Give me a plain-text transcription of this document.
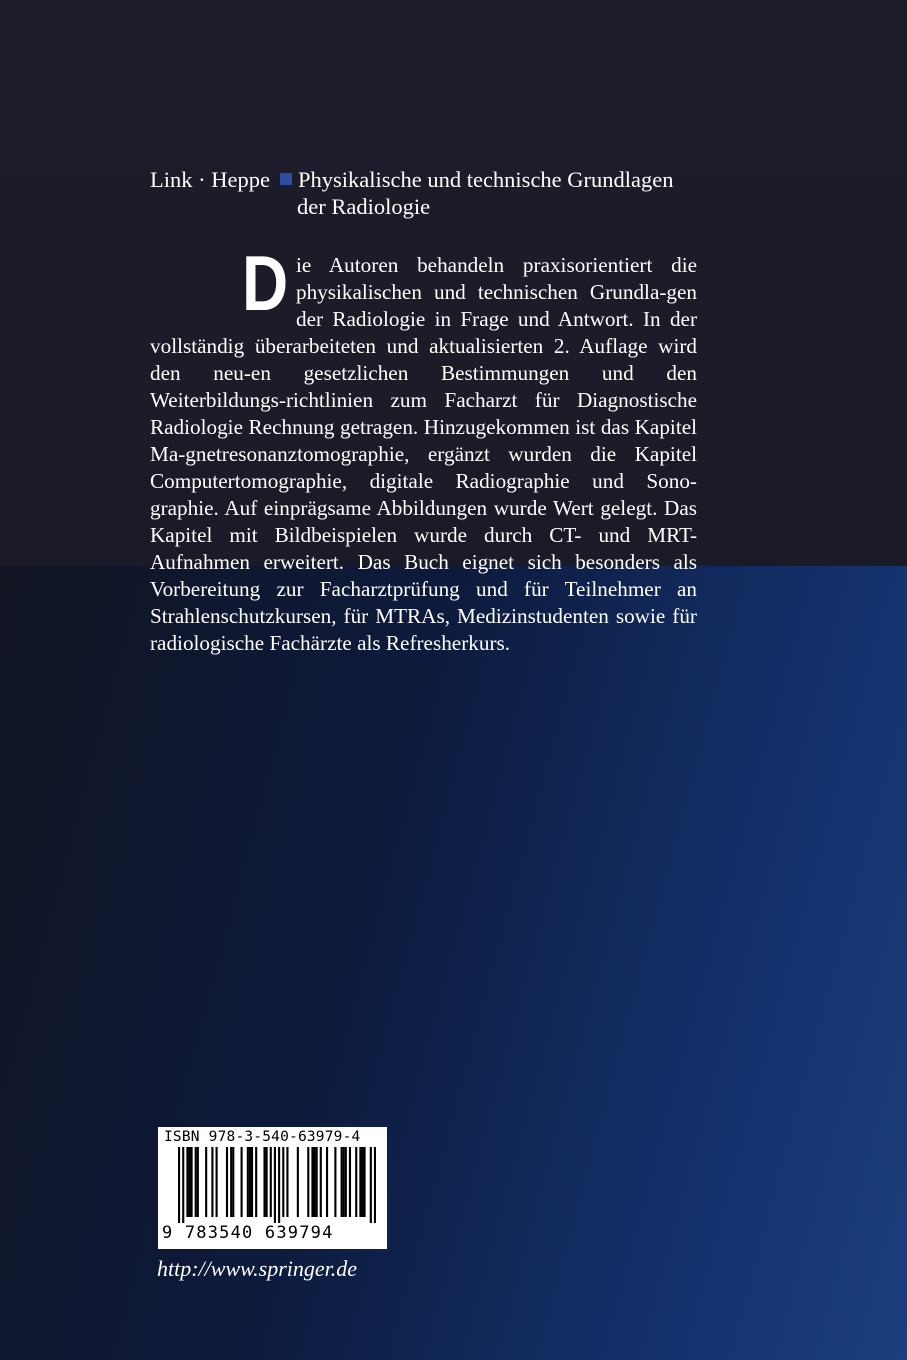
Link · Heppe Physikalische und technische Grundlagen
der Radiologie
D ie Autoren behandeln praxisorientiert die physikalischen und technischen Grundla-gen der Radiologie in Frage und Antwort. In der vollständig überarbeiteten und aktualisierten 2. Auflage wird den neu-en gesetzlichen Bestimmungen und den Weiterbildungs-richtlinien zum Facharzt für Diagnostische Radiologie Rechnung getragen. Hinzugekommen ist das Kapitel Ma-gnetresonanztomographie, ergänzt wurden die Kapitel Computertomographie, digitale Radiographie und Sono-graphie. Auf einprägsame Abbildungen wurde Wert gelegt. Das Kapitel mit Bildbeispielen wurde durch CT- und MRT-Aufnahmen erweitert. Das Buch eignet sich besonders als Vorbereitung zur Facharztprüfung und für Teilnehmer an Strahlenschutzkursen, für MTRAs, Medizinstudenten sowie für radiologische Fachärzte als Refresherkurs.
ISBN 978-3-540-63979-4
9 783540 639794
http://www.springer.de
